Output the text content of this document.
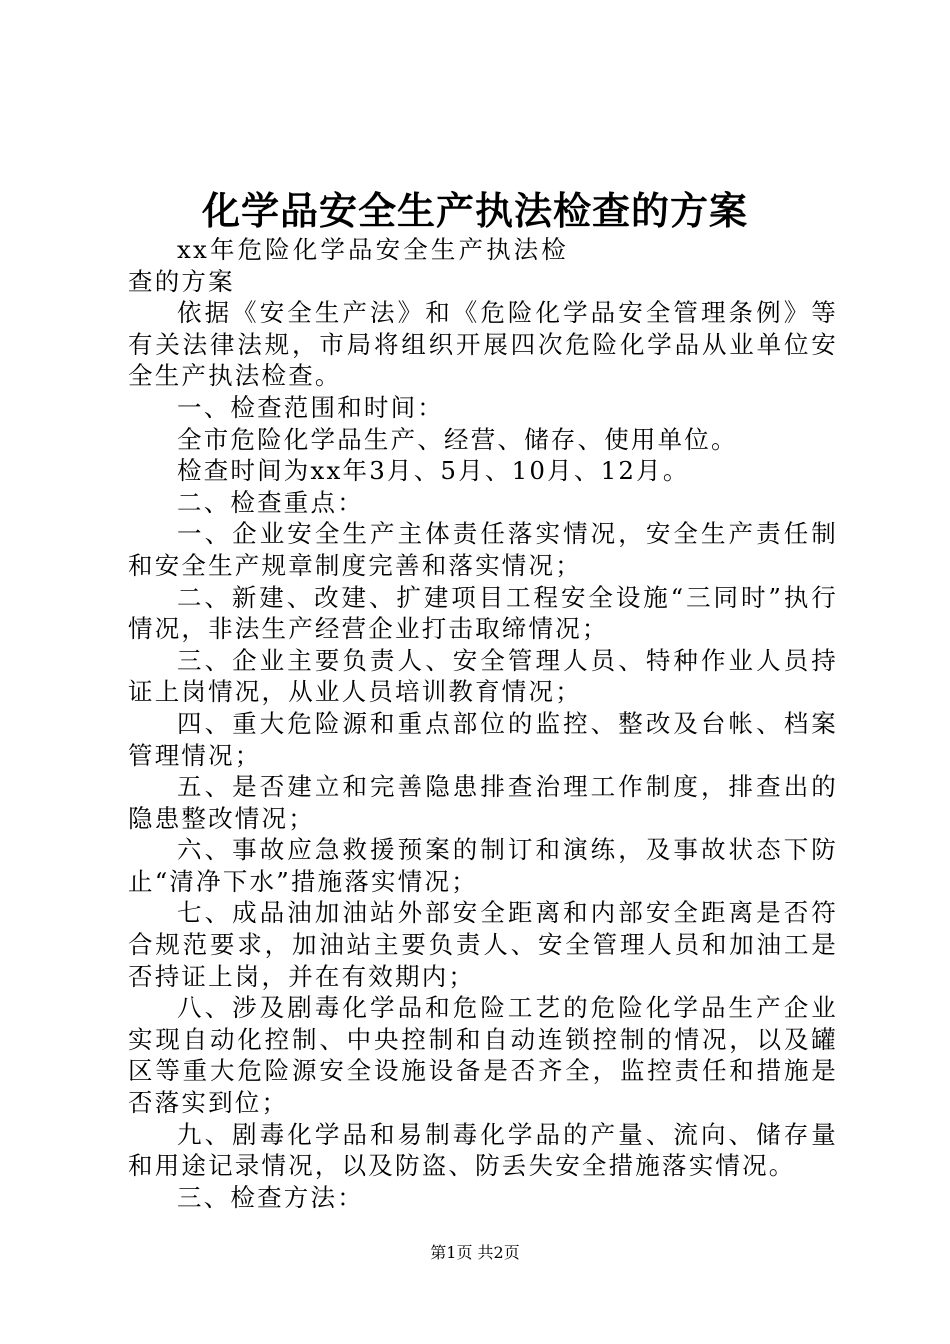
化学品安全生产执法检查的方案

xx年危险化学品安全生产执法检查的方案

依据《安全生产法》和《危险化学品安全管理条例》等有关法律法规，市局将组织开展四次危险化学品从业单位安全生产执法检查。

一、检查范围和时间：

全市危险化学品生产、经营、储存、使用单位。

检查时间为xx年3月、5月、10月、12月。

二、检查重点：

一、企业安全生产主体责任落实情况，安全生产责任制和安全生产规章制度完善和落实情况；

二、新建、改建、扩建项目工程安全设施“三同时”执行情况，非法生产经营企业打击取缔情况；

三、企业主要负责人、安全管理人员、特种作业人员持证上岗情况，从业人员培训教育情况；

四、重大危险源和重点部位的监控、整改及台帐、档案管理情况；

五、是否建立和完善隐患排查治理工作制度，排查出的隐患整改情况；

六、事故应急救援预案的制订和演练，及事故状态下防止“清净下水”措施落实情况；

七、成品油加油站外部安全距离和内部安全距离是否符合规范要求，加油站主要负责人、安全管理人员和加油工是否持证上岗，并在有效期内；

八、涉及剧毒化学品和危险工艺的危险化学品生产企业实现自动化控制、中央控制和自动连锁控制的情况，以及罐区等重大危险源安全设施设备是否齐全，监控责任和措施是否落实到位；

九、剧毒化学品和易制毒化学品的产量、流向、储存量和用途记录情况，以及防盗、防丢失安全措施落实情况。

三、检查方法：

第1页 共2页
